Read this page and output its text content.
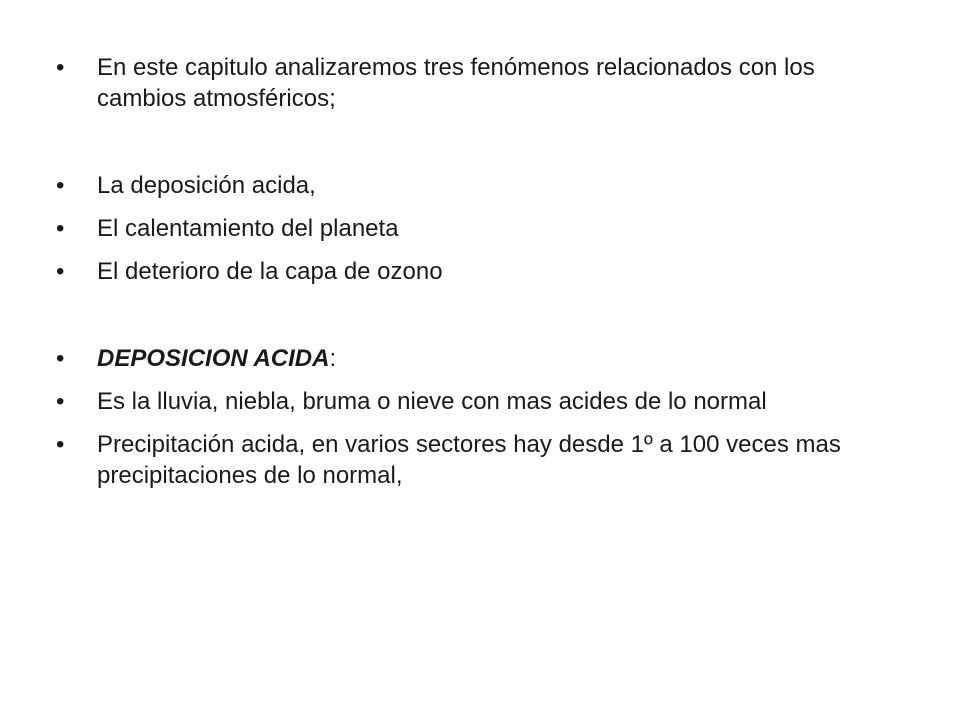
• En este capitulo analizaremos tres fenómenos relacionados con los cambios atmosféricos;
• La deposición acida,
• El calentamiento del planeta
• El deterioro de la capa de ozono
• DEPOSICION ACIDA:
• Es la lluvia, niebla, bruma o nieve con mas acides de lo normal
• Precipitación acida, en varios sectores hay desde 1º a 100 veces mas precipitaciones de lo normal,
